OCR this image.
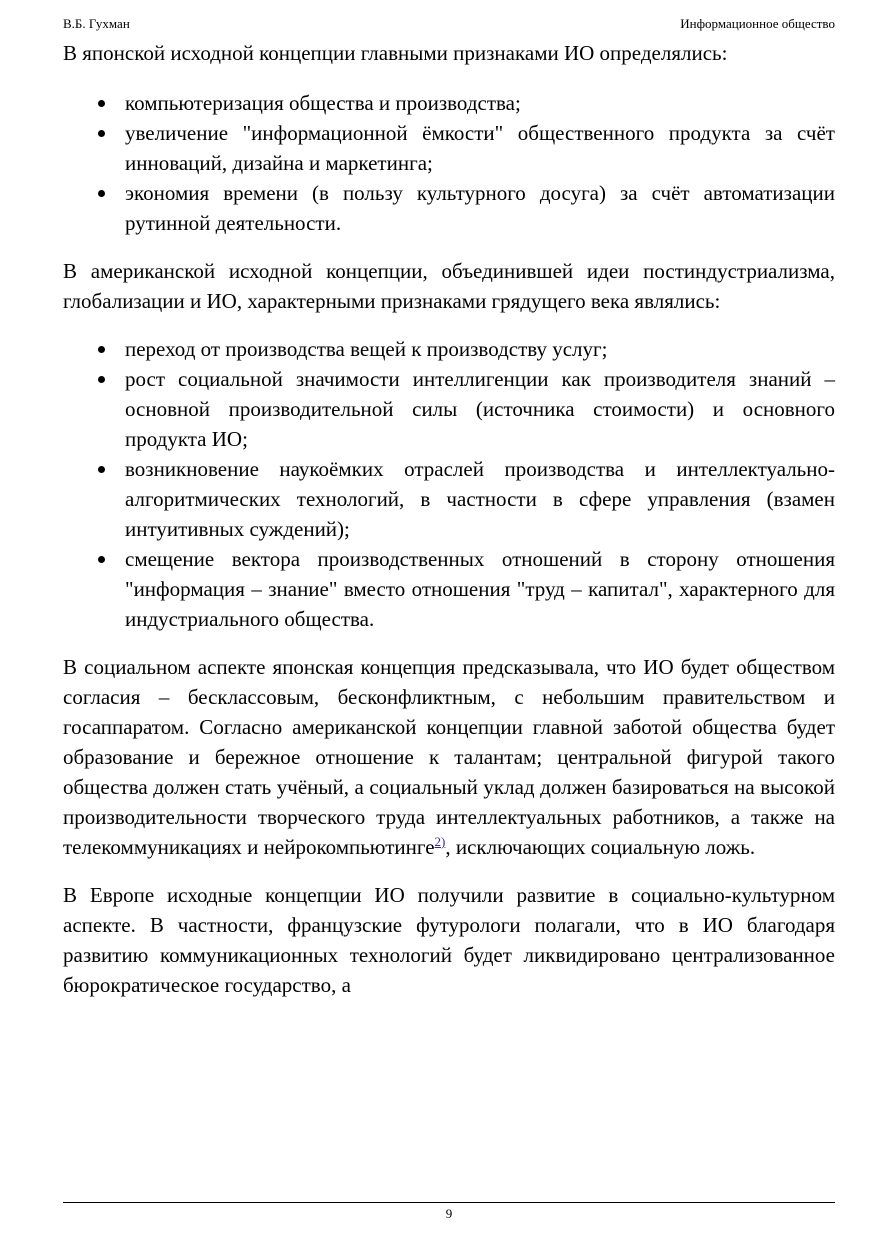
В.Б. Гухман	Информационное общество

В японской исходной концепции главными признаками ИО определялись:

компьютеризация общества и производства;
увеличение "информационной ёмкости" общественного продукта за счёт инноваций, дизайна и маркетинга;
экономия времени (в пользу культурного досуга) за счёт автоматизации рутинной деятельности.

В американской исходной концепции, объединившей идеи постиндустриализма, глобализации и ИО, характерными признаками грядущего века являлись:

переход от производства вещей к производству услуг;
рост социальной значимости интеллигенции как производителя знаний – основной производительной силы (источника стоимости) и основного продукта ИО;
возникновение наукоёмких отраслей производства и интеллектуально-алгоритмических технологий, в частности в сфере управления (взамен интуитивных суждений);
смещение вектора производственных отношений в сторону отношения "информация – знание" вместо отношения "труд – капитал", характерного для индустриального общества.

В социальном аспекте японская концепция предсказывала, что ИО будет обществом согласия – бесклассовым, бесконфликтным, с небольшим правительством и госаппаратом. Согласно американской концепции главной заботой общества будет образование и бережное отношение к талантам; центральной фигурой такого общества должен стать учёный, а социальный уклад должен базироваться на высокой производительности творческого труда интеллектуальных работников, а также на телекоммуникациях и нейрокомпьютинге$^{2)}$, исключающих социальную ложь.

В Европе исходные концепции ИО получили развитие в социально-культурном аспекте. В частности, французские футурологи полагали, что в ИО благодаря развитию коммуникационных технологий будет ликвидировано централизованное бюрократическое государство, а

9
